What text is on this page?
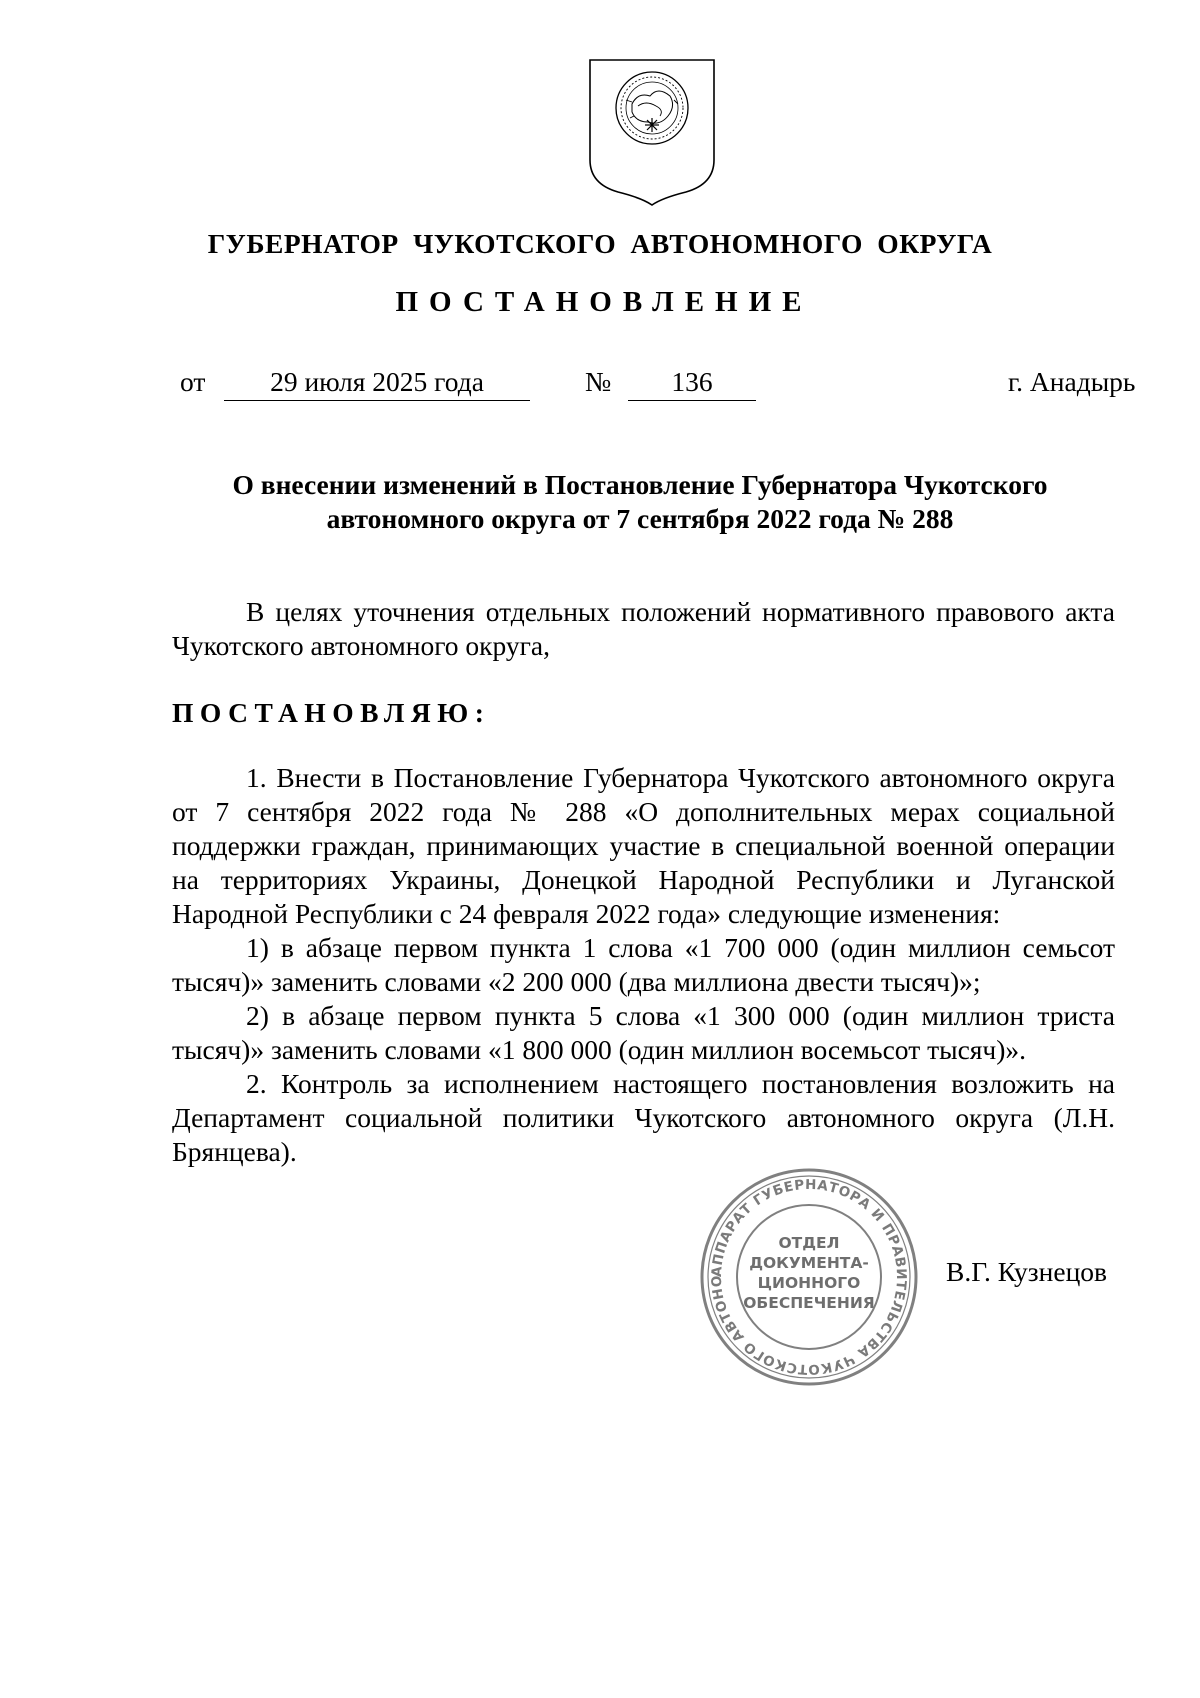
ГУБЕРНАТОР ЧУКОТСКОГО АВТОНОМНОГО ОКРУГА
ПОСТАНОВЛЕНИЕ
от	29 июля 2025 года	№	136	г. Анадырь
О внесении изменений в Постановление Губернатора Чукотского
автономного округа от 7 сентября 2022 года № 288

В целях уточнения отдельных положений нормативного правового акта Чукотского автономного округа,

ПОСТАНОВЛЯЮ:

1. Внести в Постановление Губернатора Чукотского автономного округа от 7 сентября 2022 года № 288 «О дополнительных мерах социальной поддержки граждан, принимающих участие в специальной военной операции на территориях Украины, Донецкой Народной Республики и Луганской Народной Республики с 24 февраля 2022 года» следующие изменения:

1) в абзаце первом пункта 1 слова «1 700 000 (один миллион семьсот тысяч)» заменить словами «2 200 000 (два миллиона двести тысяч)»;

2) в абзаце первом пункта 5 слова «1 300 000 (один миллион триста тысяч)» заменить словами «1 800 000 (один миллион восемьсот тысяч)».

2. Контроль за исполнением настоящего постановления возложить на Департамент социальной политики Чукотского автономного округа (Л.Н. Брянцева).

АППАРАТ ГУБЕРНАТОРА И ПРАВИТЕЛЬСТВА ЧУКОТСКОГО АВТОНО
ОТДЕЛ
ДОКУМЕНТА-
ЦИОННОГО
ОБЕСПЕЧЕНИЯ
В.Г. Кузнецов
